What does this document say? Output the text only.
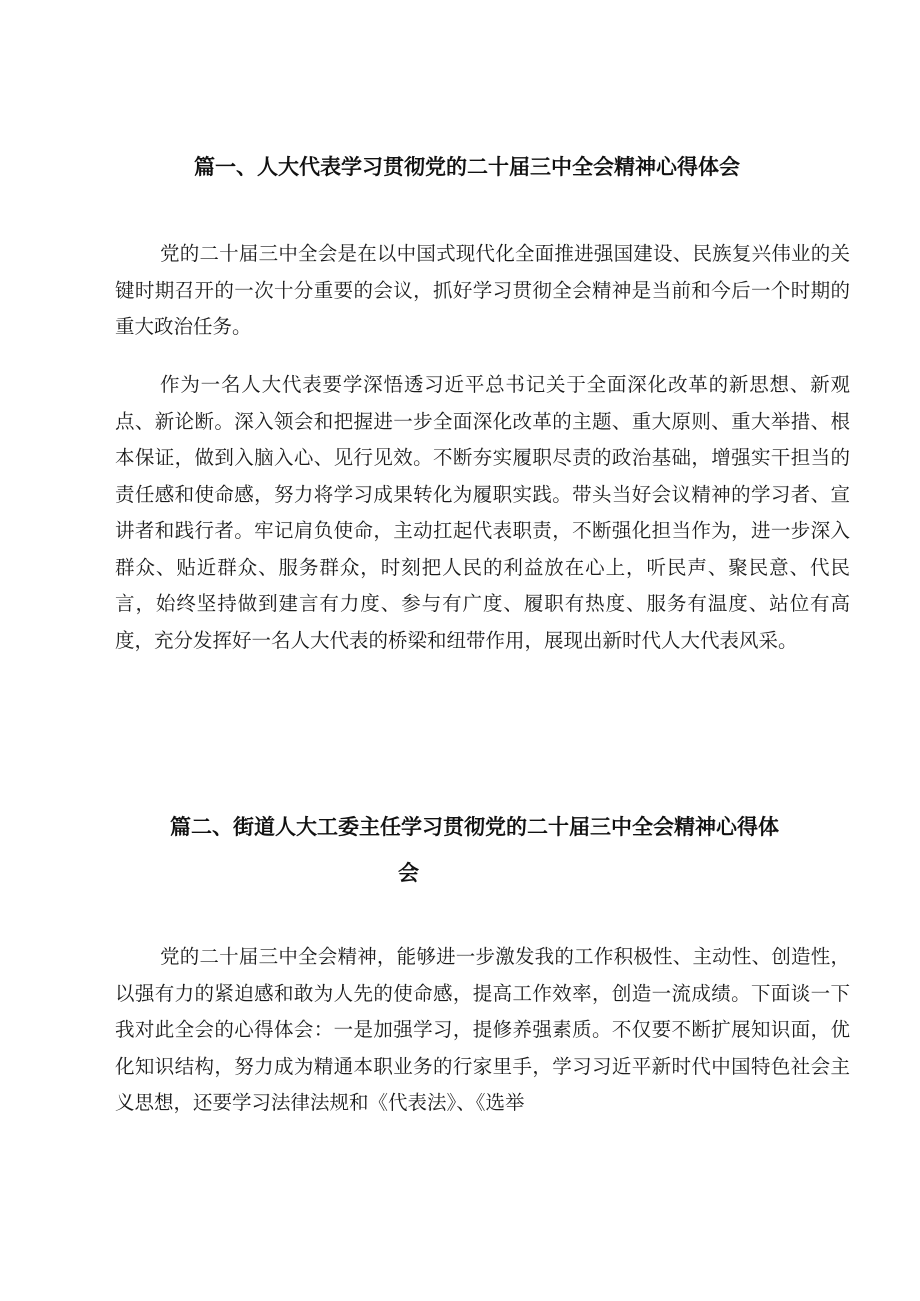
篇一、人大代表学习贯彻党的二十届三中全会精神心得体会

党的二十届三中全会是在以中国式现代化全面推进强国建设、民族复兴伟业的关键时期召开的一次十分重要的会议，抓好学习贯彻全会精神是当前和今后一个时期的重大政治任务。

作为一名人大代表要学深悟透习近平总书记关于全面深化改革的新思想、新观点、新论断。深入领会和把握进一步全面深化改革的主题、重大原则、重大举措、根本保证，做到入脑入心、见行见效。不断夯实履职尽责的政治基础，增强实干担当的责任感和使命感，努力将学习成果转化为履职实践。带头当好会议精神的学习者、宣讲者和践行者。牢记肩负使命，主动扛起代表职责，不断强化担当作为，进一步深入群众、贴近群众、服务群众，时刻把人民的利益放在心上，听民声、聚民意、代民言，始终坚持做到建言有力度、参与有广度、履职有热度、服务有温度、站位有高度，充分发挥好一名人大代表的桥梁和纽带作用，展现出新时代人大代表风采。

篇二、街道人大工委主任学习贯彻党的二十届三中全会精神心得体
会

党的二十届三中全会精神，能够进一步激发我的工作积极性、主动性、创造性，以强有力的紧迫感和敢为人先的使命感，提高工作效率，创造一流成绩。下面谈一下我对此全会的心得体会：一是加强学习，提修养强素质。不仅要不断扩展知识面，优化知识结构，努力成为精通本职业务的行家里手，学习习近平新时代中国特色社会主义思想，还要学习法律法规和《代表法》、《选举
